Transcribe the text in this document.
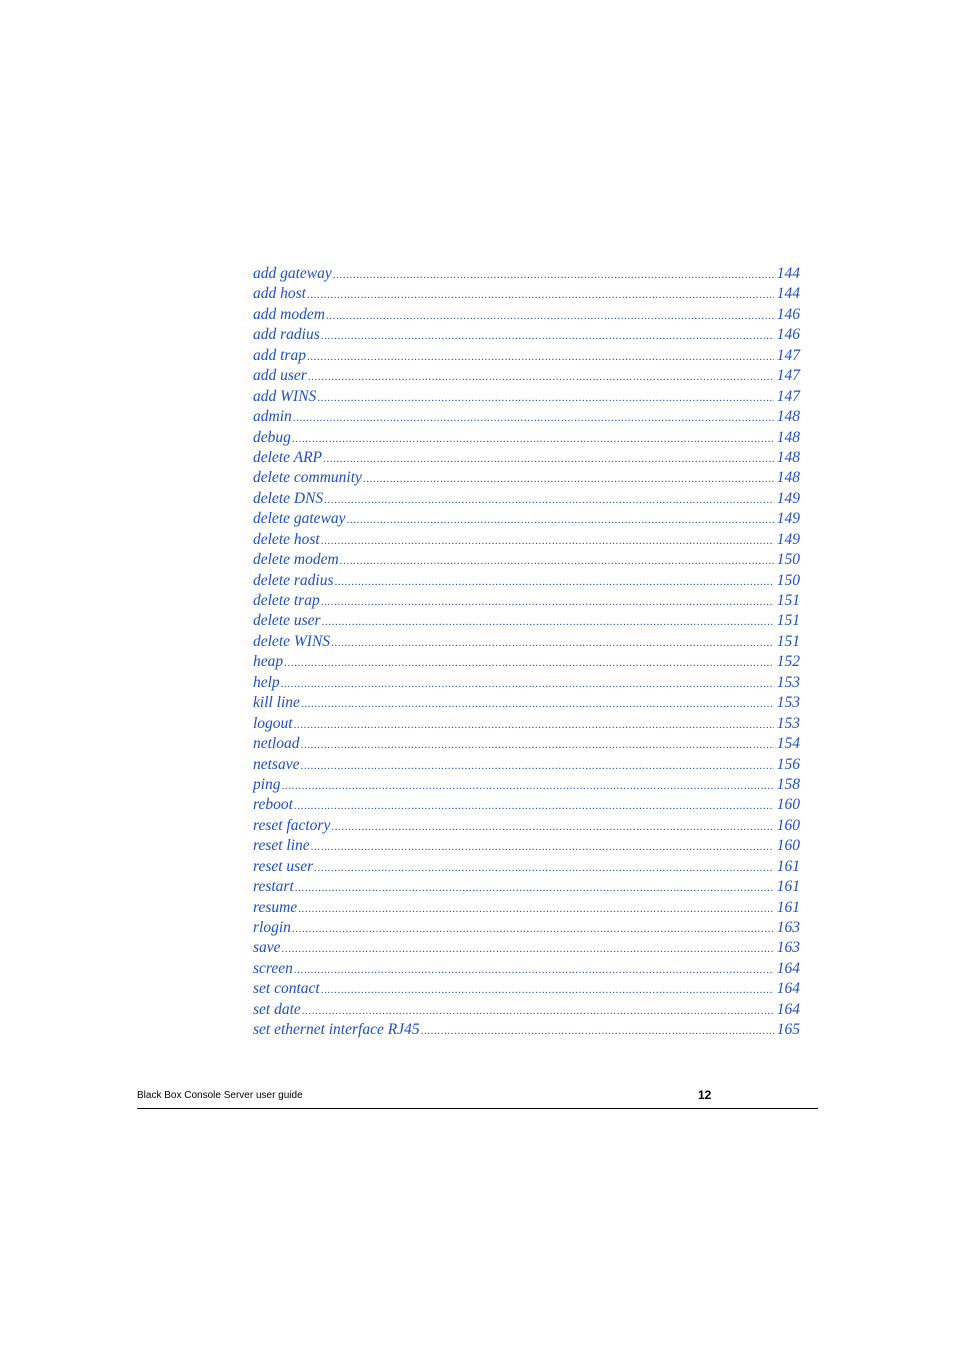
add gateway .....	144
add host .....	144
add modem .....	146
add radius .....	146
add trap .....	147
add user .....	147
add WINS .....	147
admin .....	148
debug .....	148
delete ARP .....	148
delete community .....	148
delete DNS .....	149
delete gateway .....	149
delete host .....	149
delete modem .....	150
delete radius .....	150
delete trap .....	151
delete user .....	151
delete WINS .....	151
heap .....	152
help .....	153
kill line .....	153
logout .....	153
netload .....	154
netsave .....	156
ping .....	158
reboot .....	160
reset factory .....	160
reset line .....	160
reset user .....	161
restart .....	161
resume .....	161
rlogin .....	163
save .....	163
screen .....	164
set contact .....	164
set date .....	164
set ethernet interface RJ45 .....	165
Black Box Console Server user guide	12
